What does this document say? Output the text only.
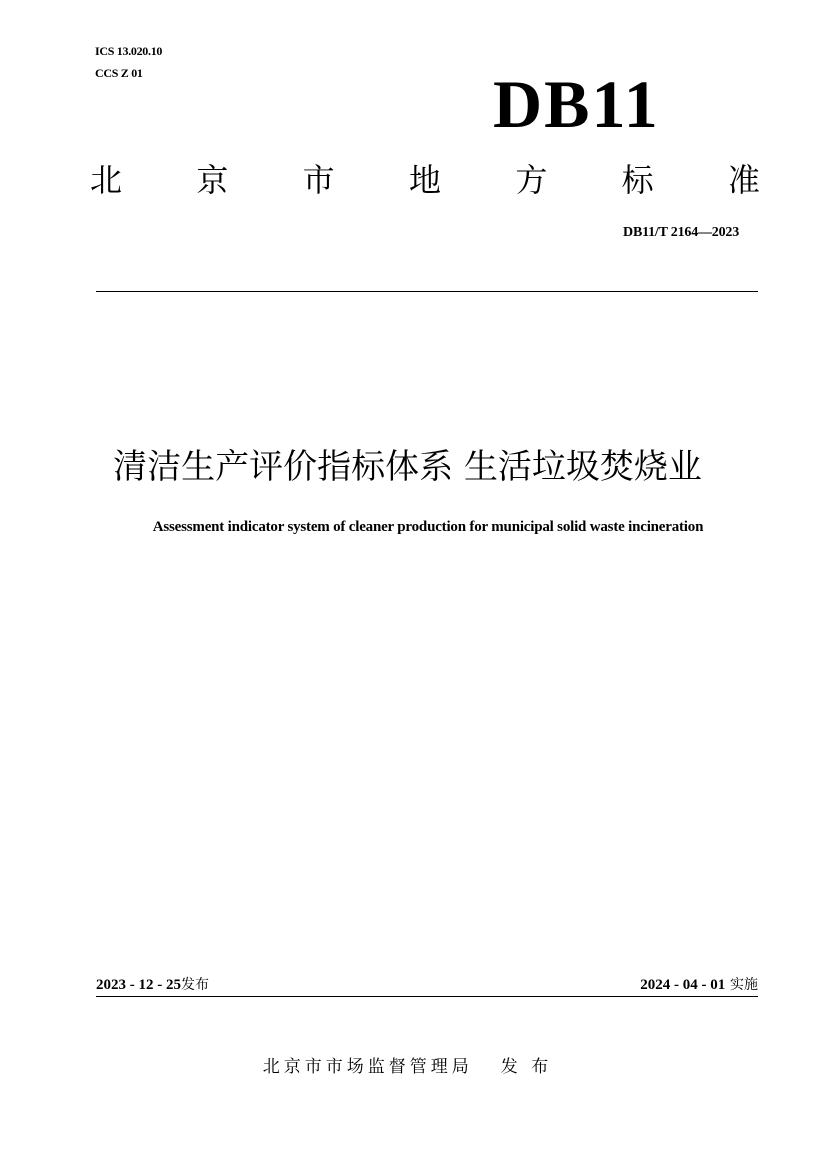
ICS 13.020.10
CCS Z 01	DB11
北 京 市 地 方 标 准
DB11/T 2164—2023
清洁生产评价指标体系 生活垃圾焚烧业
Assessment indicator system of cleaner production for municipal solid waste incineration
2023 - 12 - 25发布	2024 - 04 - 01 实施
北京市市场监督管理局 发 布
